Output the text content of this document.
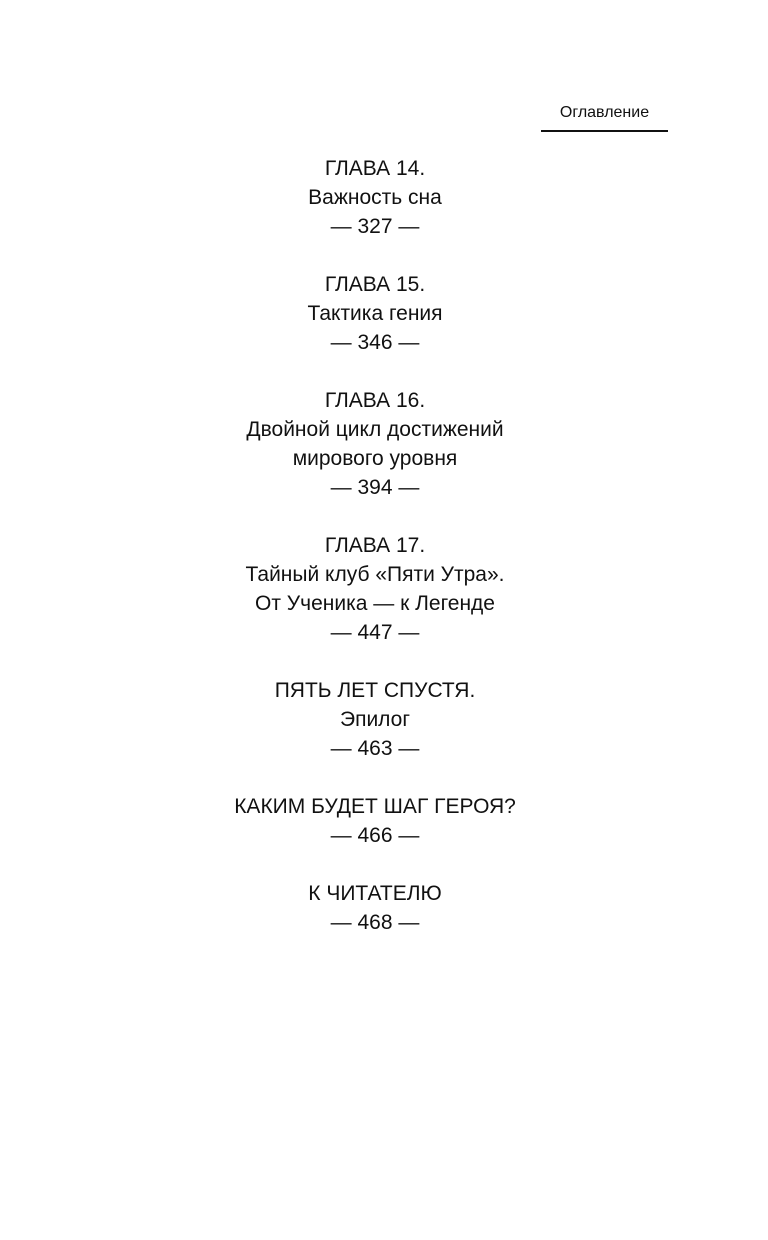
Оглавление
ГЛАВА 14.
Важность сна
— 327 —
ГЛАВА 15.
Тактика гения
— 346 —
ГЛАВА 16.
Двойной цикл достижений
мирового уровня
— 394 —
ГЛАВА 17.
Тайный клуб «Пяти Утра».
От Ученика — к Легенде
— 447 —
ПЯТЬ ЛЕТ СПУСТЯ.
Эпилог
— 463 —
КАКИМ БУДЕТ ШАГ ГЕРОЯ?
— 466 —
К ЧИТАТЕЛЮ
— 468 —
